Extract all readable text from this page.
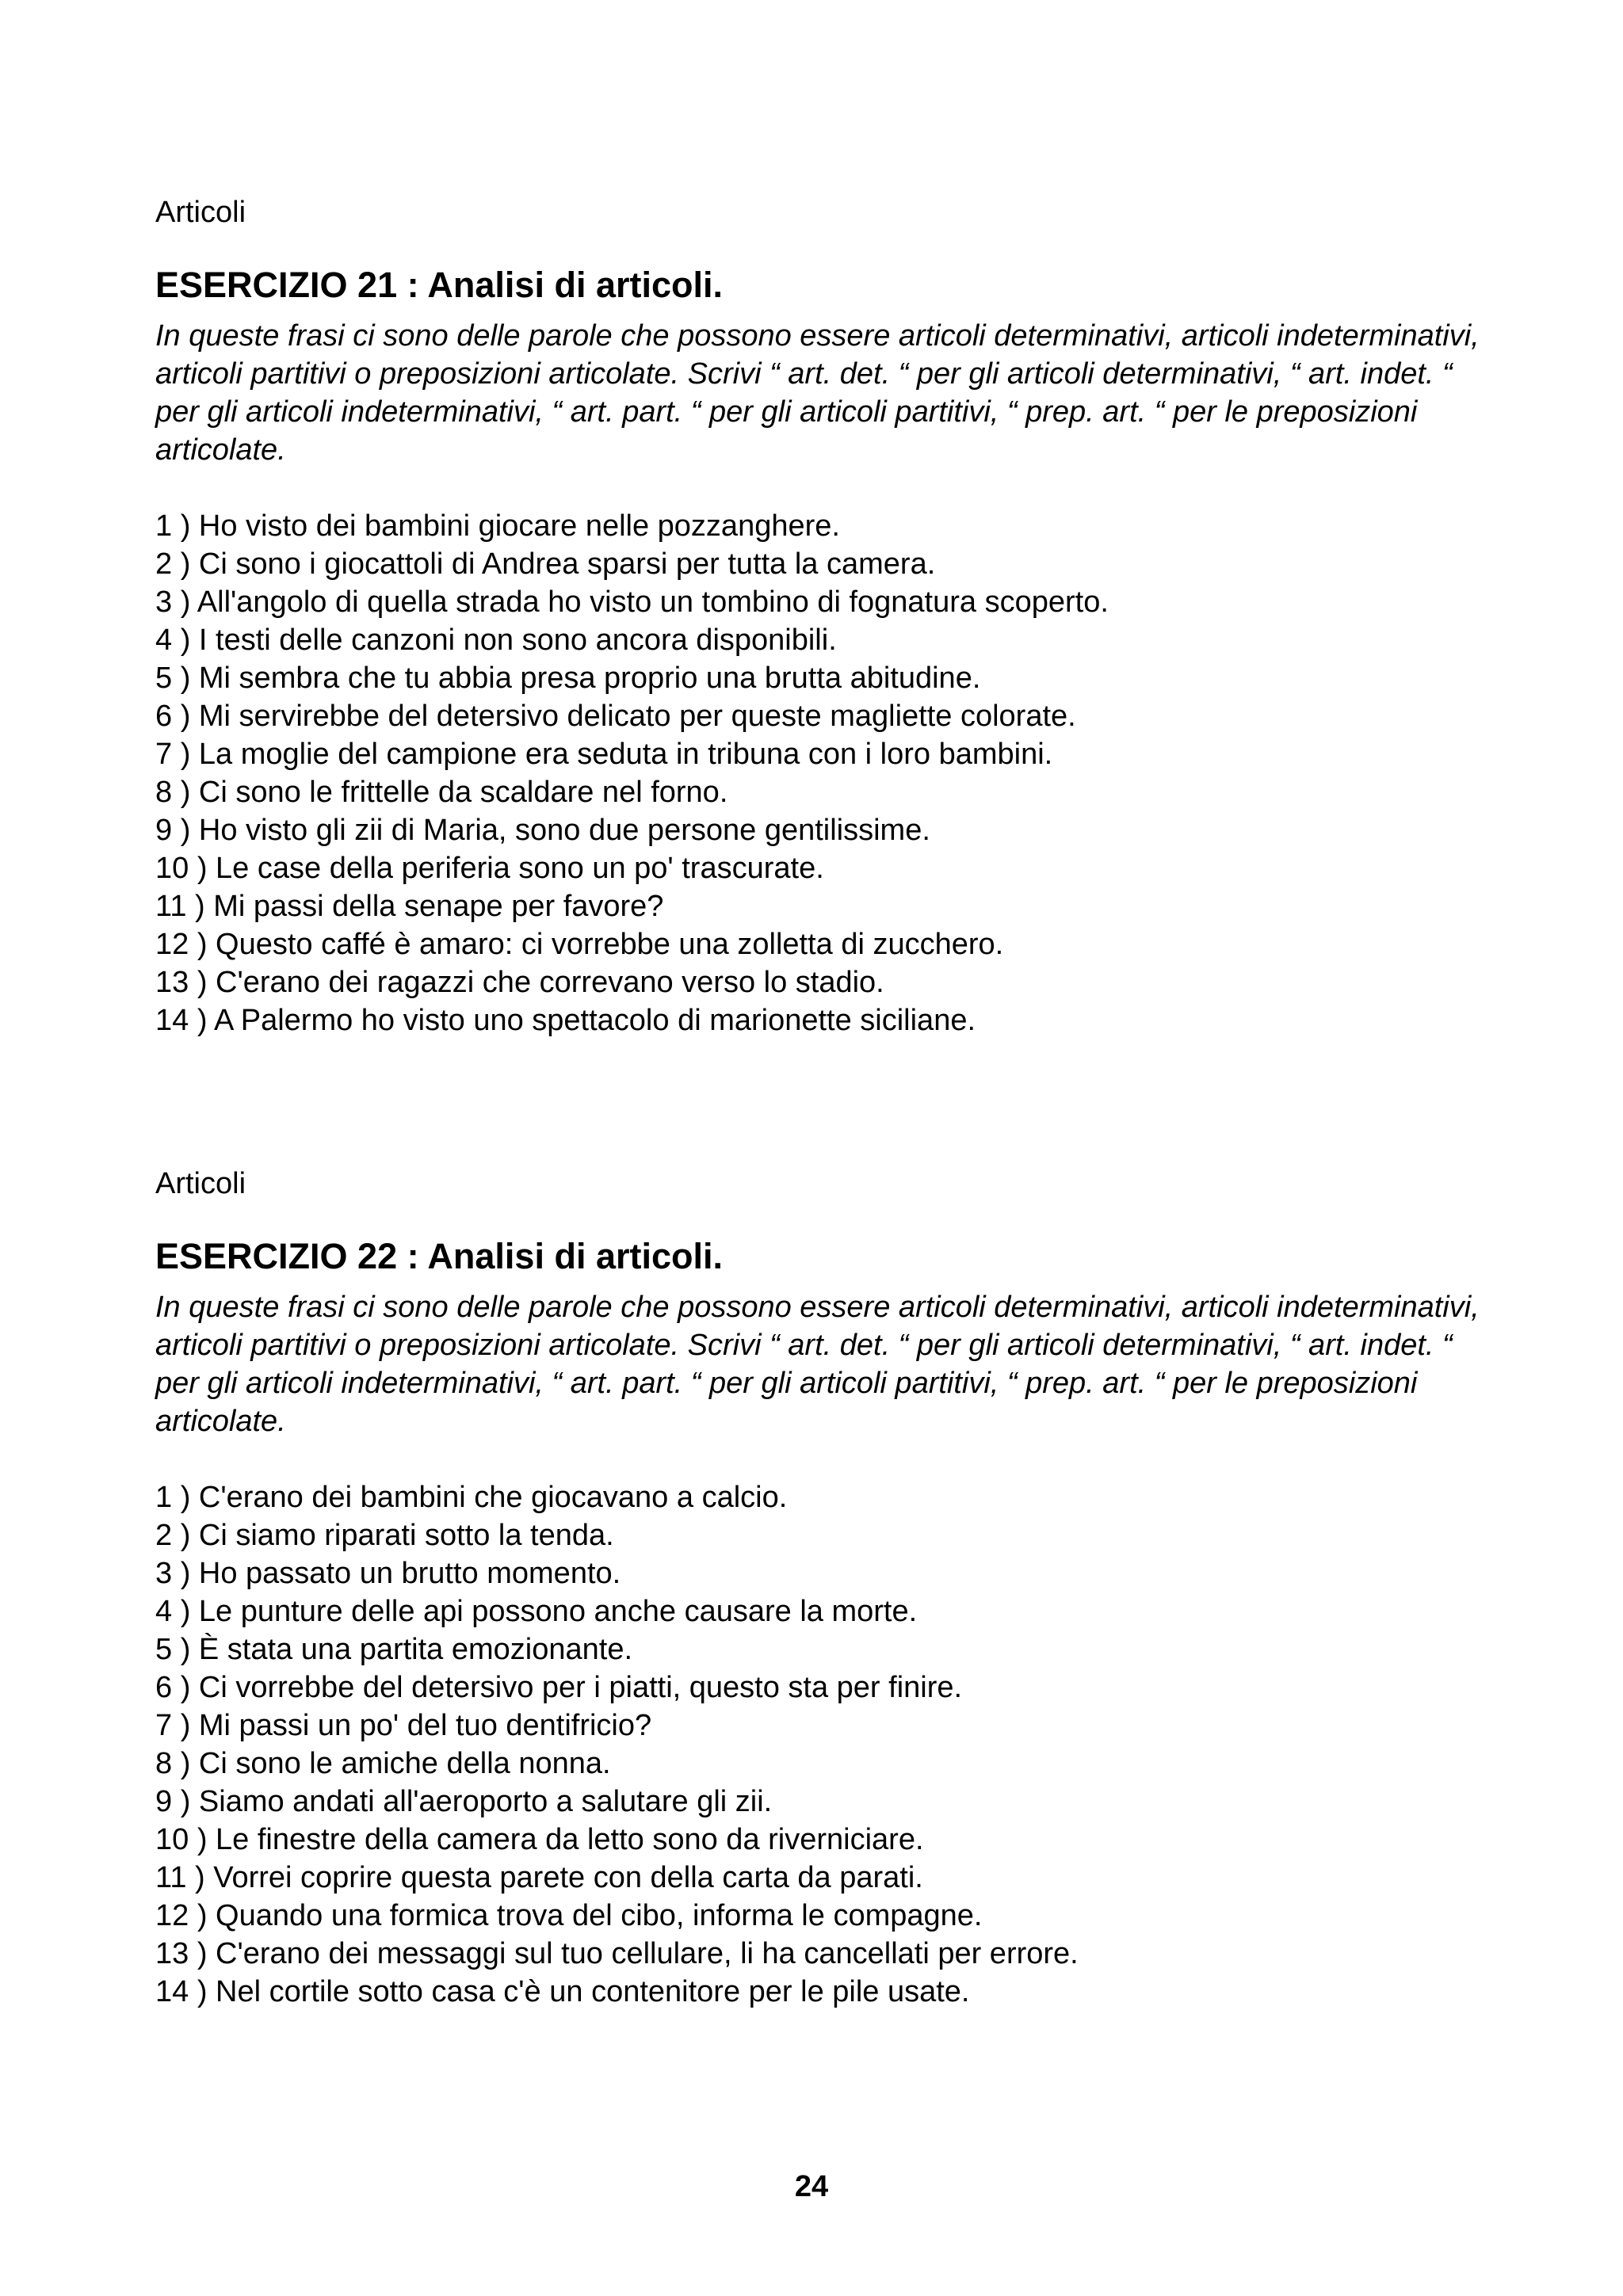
Articoli

ESERCIZIO 21 : Analisi di articoli.

In queste frasi ci sono delle parole che possono essere articoli determinativi, articoli indeterminativi, articoli partitivi o preposizioni articolate. Scrivi “ art. det. “ per gli articoli determinativi, “ art. indet. “ per gli articoli indeterminativi, “ art. part. “ per gli articoli partitivi, “ prep. art. “ per le preposizioni articolate.

1 ) Ho visto dei bambini giocare nelle pozzanghere.
2 ) Ci sono i giocattoli di Andrea sparsi per tutta la camera.
3 ) All'angolo di quella strada ho visto un tombino di fognatura scoperto.
4 ) I testi delle canzoni non sono ancora disponibili.
5 ) Mi sembra che tu abbia presa proprio una brutta abitudine.
6 ) Mi servirebbe del detersivo delicato per queste magliette colorate.
7 ) La moglie del campione era seduta in tribuna con i loro bambini.
8 ) Ci sono le frittelle da scaldare nel forno.
9 ) Ho visto gli zii di Maria, sono due persone gentilissime.
10 ) Le case della periferia sono un po' trascurate.
11 ) Mi passi della senape per favore?
12 ) Questo caffé è amaro: ci vorrebbe una zolletta di zucchero.
13 ) C'erano dei ragazzi che correvano verso lo stadio.
14 ) A Palermo ho visto uno spettacolo di marionette siciliane.

Articoli

ESERCIZIO 22 : Analisi di articoli.

In queste frasi ci sono delle parole che possono essere articoli determinativi, articoli indeterminativi, articoli partitivi o preposizioni articolate. Scrivi “ art. det. “ per gli articoli determinativi, “ art. indet. “ per gli articoli indeterminativi, “ art. part. “ per gli articoli partitivi, “ prep. art. “ per le preposizioni articolate.

1 ) C'erano dei bambini che giocavano a calcio.
2 ) Ci siamo riparati sotto la tenda.
3 ) Ho passato un brutto momento.
4 ) Le punture delle api possono anche causare la morte.
5 ) È stata una partita emozionante.
6 ) Ci vorrebbe del detersivo per i piatti, questo sta per finire.
7 ) Mi passi un po' del tuo dentifricio?
8 ) Ci sono le amiche della nonna.
9 ) Siamo andati all'aeroporto a salutare gli zii.
10 ) Le finestre della camera da letto sono da riverniciare.
11 ) Vorrei coprire questa parete con della carta da parati.
12 ) Quando una formica trova del cibo, informa le compagne.
13 ) C'erano dei messaggi sul tuo cellulare, li ha cancellati per errore.
14 ) Nel cortile sotto casa c'è un contenitore per le pile usate.
24
